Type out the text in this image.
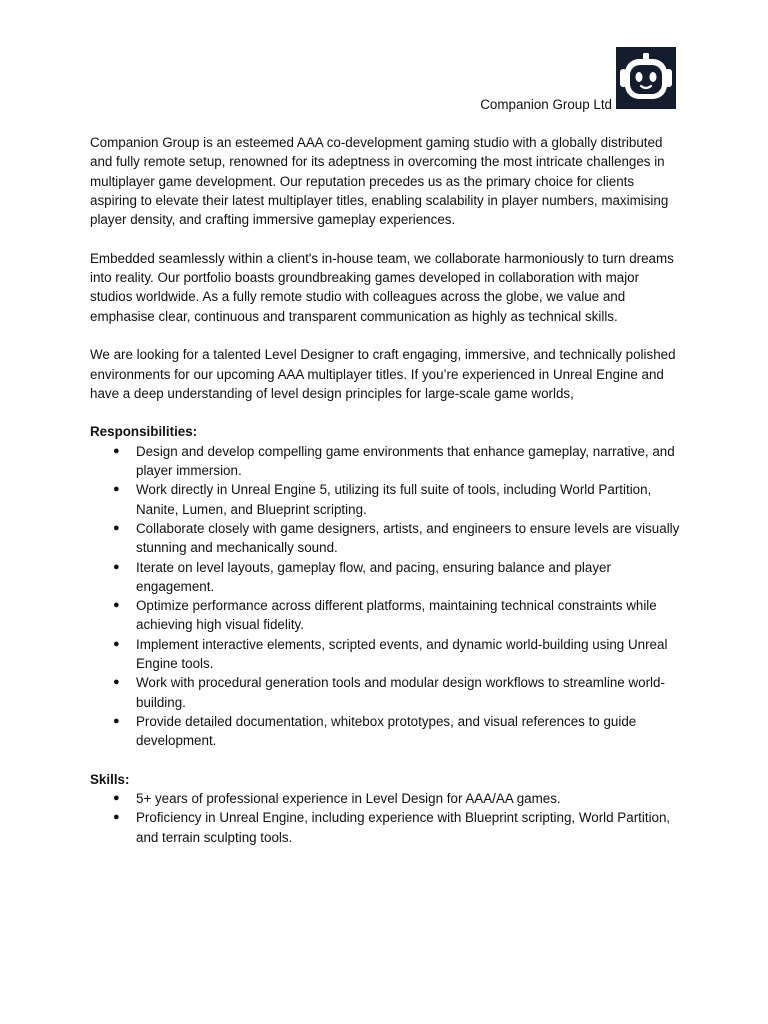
Companion Group Ltd

Companion Group is an esteemed AAA co-development gaming studio with a globally distributed and fully remote setup, renowned for its adeptness in overcoming the most intricate challenges in multiplayer game development. Our reputation precedes us as the primary choice for clients aspiring to elevate their latest multiplayer titles, enabling scalability in player numbers, maximising player density, and crafting immersive gameplay experiences.

Embedded seamlessly within a client's in-house team, we collaborate harmoniously to turn dreams into reality. Our portfolio boasts groundbreaking games developed in collaboration with major studios worldwide. As a fully remote studio with colleagues across the globe, we value and emphasise clear, continuous and transparent communication as highly as technical skills.

We are looking for a talented Level Designer to craft engaging, immersive, and technically polished environments for our upcoming AAA multiplayer titles. If you’re experienced in Unreal Engine and have a deep understanding of level design principles for large-scale game worlds,

Responsibilities:
● Design and develop compelling game environments that enhance gameplay, narrative, and player immersion.
● Work directly in Unreal Engine 5, utilizing its full suite of tools, including World Partition, Nanite, Lumen, and Blueprint scripting.
● Collaborate closely with game designers, artists, and engineers to ensure levels are visually stunning and mechanically sound.
● Iterate on level layouts, gameplay flow, and pacing, ensuring balance and player engagement.
● Optimize performance across different platforms, maintaining technical constraints while achieving high visual fidelity.
● Implement interactive elements, scripted events, and dynamic world-building using Unreal Engine tools.
● Work with procedural generation tools and modular design workflows to streamline world-building.
● Provide detailed documentation, whitebox prototypes, and visual references to guide development.
Skills:
● 5+ years of professional experience in Level Design for AAA/AA games.
● Proficiency in Unreal Engine, including experience with Blueprint scripting, World Partition, and terrain sculpting tools.
